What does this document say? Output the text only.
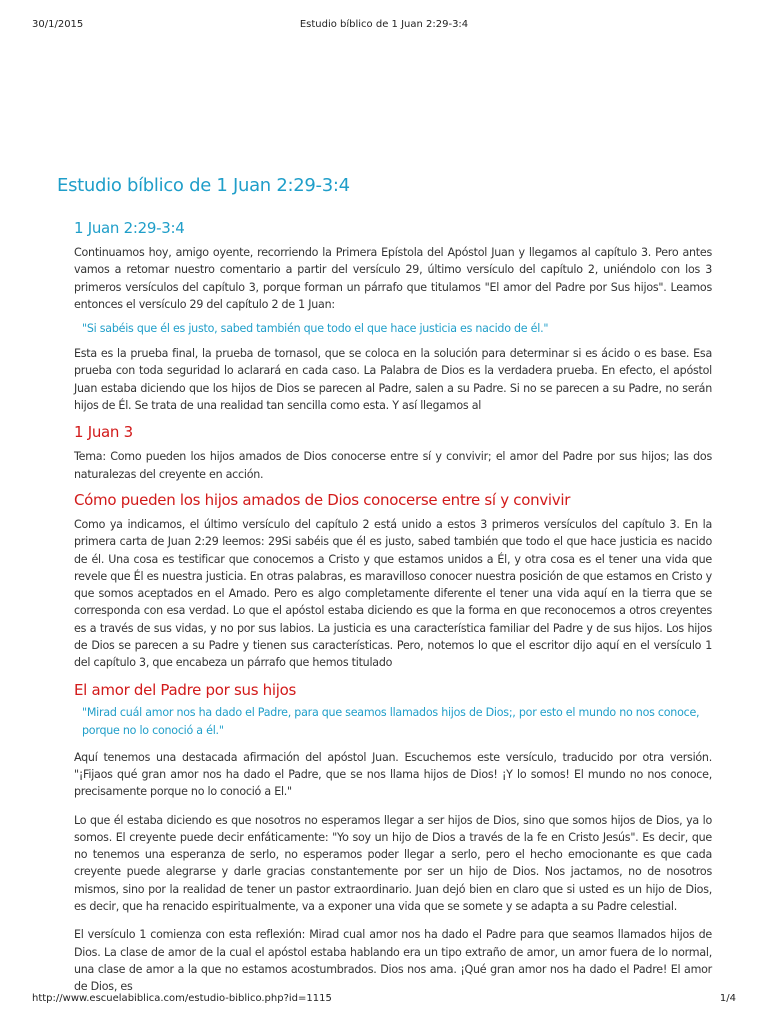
30/1/2015	Estudio bíblico de 1 Juan 2:29-3:4
Estudio bíblico de 1 Juan 2:29-3:4
1 Juan 2:29-3:4

Continuamos hoy, amigo oyente, recorriendo la Primera Epístola del Apóstol Juan y llegamos al capítulo 3. Pero antes vamos a retomar nuestro comentario a partir del versículo 29, último versículo del capítulo 2, uniéndolo con los 3 primeros versículos del capítulo 3, porque forman un párrafo que titulamos "El amor del Padre por Sus hijos". Leamos entonces el versículo 29 del capítulo 2 de 1 Juan:

"Si sabéis que él es justo, sabed también que todo el que hace justicia es nacido de él."

Esta es la prueba final, la prueba de tornasol, que se coloca en la solución para determinar si es ácido o es base. Esa prueba con toda seguridad lo aclarará en cada caso. La Palabra de Dios es la verdadera prueba. En efecto, el apóstol Juan estaba diciendo que los hijos de Dios se parecen al Padre, salen a su Padre. Si no se parecen a su Padre, no serán hijos de Él. Se trata de una realidad tan sencilla como esta. Y así llegamos al

1 Juan 3

Tema: Como pueden los hijos amados de Dios conocerse entre sí y convivir; el amor del Padre por sus hijos; las dos naturalezas del creyente en acción.

Cómo pueden los hijos amados de Dios conocerse entre sí y convivir

Como ya indicamos, el último versículo del capítulo 2 está unido a estos 3 primeros versículos del capítulo 3. En la primera carta de Juan 2:29 leemos: 29Si sabéis que él es justo, sabed también que todo el que hace justicia es nacido de él. Una cosa es testificar que conocemos a Cristo y que estamos unidos a Él, y otra cosa es el tener una vida que revele que Él es nuestra justicia. En otras palabras, es maravilloso conocer nuestra posición de que estamos en Cristo y que somos aceptados en el Amado. Pero es algo completamente diferente el tener una vida aquí en la tierra que se corresponda con esa verdad. Lo que el apóstol estaba diciendo es que la forma en que reconocemos a otros creyentes es a través de sus vidas, y no por sus labios. La justicia es una característica familiar del Padre y de sus hijos. Los hijos de Dios se parecen a su Padre y tienen sus características. Pero, notemos lo que el escritor dijo aquí en el versículo 1 del capítulo 3, que encabeza un párrafo que hemos titulado

El amor del Padre por sus hijos
"Mirad cuál amor nos ha dado el Padre, para que seamos llamados hijos de Dios;, por esto el mundo no nos conoce,
porque no lo conoció a él."

Aquí tenemos una destacada afirmación del apóstol Juan. Escuchemos este versículo, traducido por otra versión. "¡Fijaos qué gran amor nos ha dado el Padre, que se nos llama hijos de Dios! ¡Y lo somos! El mundo no nos conoce, precisamente porque no lo conoció a El."

Lo que él estaba diciendo es que nosotros no esperamos llegar a ser hijos de Dios, sino que somos hijos de Dios, ya lo somos. El creyente puede decir enfáticamente: "Yo soy un hijo de Dios a través de la fe en Cristo Jesús". Es decir, que no tenemos una esperanza de serlo, no esperamos poder llegar a serlo, pero el hecho emocionante es que cada creyente puede alegrarse y darle gracias constantemente por ser un hijo de Dios. Nos jactamos, no de nosotros mismos, sino por la realidad de tener un pastor extraordinario. Juan dejó bien en claro que si usted es un hijo de Dios, es decir, que ha renacido espiritualmente, va a exponer una vida que se somete y se adapta a su Padre celestial.

El versículo 1 comienza con esta reflexión: Mirad cual amor nos ha dado el Padre para que seamos llamados hijos de Dios. La clase de amor de la cual el apóstol estaba hablando era un tipo extraño de amor, un amor fuera de lo normal, una clase de amor a la que no estamos acostumbrados. Dios nos ama. ¡Qué gran amor nos ha dado el Padre! El amor de Dios, es

http://www.escuelabiblica.com/estudio-biblico.php?id=1115	1/4
